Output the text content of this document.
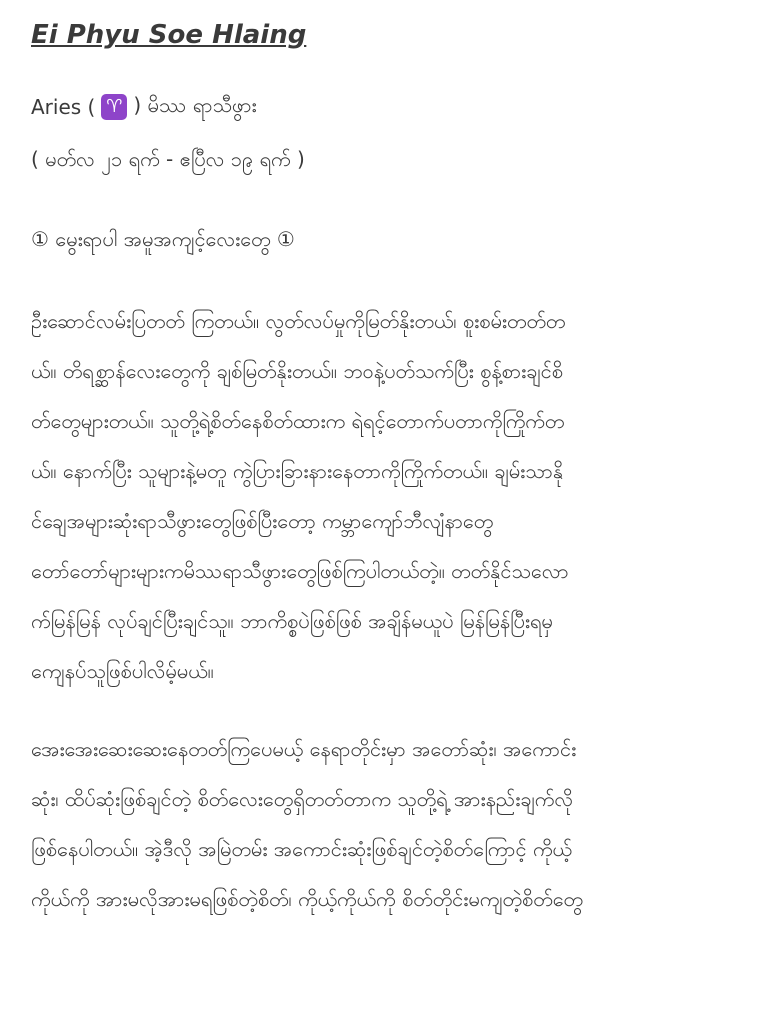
Ei Phyu Soe Hlaing
Aries ( ♈ ) မိဿ ရာသီဖွား
( မတ်လ ၂၁ ရက် - ဧပြီလ ၁၉ ရက် )
① မွေးရာပါ အမူအကျင့်လေးတွေ ①
ဦးဆောင်လမ်းပြတတ် ကြတယ်။ လွတ်လပ်မှုကိုမြတ်နိုးတယ်၊ စူးစမ်းတတ်တ
ယ်။ တိရစ္ဆာန်လေးတွေကို ချစ်မြတ်နိုးတယ်။ ဘဝနဲ့ပတ်သက်ပြီး စွန့်စားချင်စိ
တ်တွေများတယ်။ သူတို့ရဲ့စိတ်နေစိတ်ထားက ရဲရင့်တောက်ပတာကိုကြိုက်တ
ယ်။ နောက်ပြီး သူများနဲ့မတူ ကွဲပြားခြားနားနေတာကိုကြိုက်တယ်။ ချမ်းသာနို
င်ချေအများဆုံးရာသီဖွားတွေဖြစ်ပြီးတော့ ကမ္ဘာကျော်ဘီလျံနာတွေ
တော်တော်များများကမိဿရာသီဖွားတွေဖြစ်ကြပါတယ်တဲ့။ တတ်နိုင်သလော
က်မြန်မြန် လုပ်ချင်ပြီးချင်သူ။ ဘာကိစ္စပဲဖြစ်ဖြစ် အချိန်မယူပဲ မြန်မြန်ပြီးရမှ
ကျေနပ်သူဖြစ်ပါလိမ့်မယ်။
အေးအေးဆေးဆေးနေတတ်ကြပေမယ့် နေရာတိုင်းမှာ အတော်ဆုံး၊ အကောင်း
ဆုံး၊ ထိပ်ဆုံးဖြစ်ချင်တဲ့ စိတ်လေးတွေရှိတတ်တာက သူတို့ရဲ့ အားနည်းချက်လို
ဖြစ်နေပါတယ်။ အဲ့ဒီလို အမြဲတမ်း အကောင်းဆုံးဖြစ်ချင်တဲ့စိတ်ကြောင့် ကိုယ့်
ကိုယ်ကို အားမလိုအားမရဖြစ်တဲ့စိတ်၊ ကိုယ့်ကိုယ်ကို စိတ်တိုင်းမကျတဲ့စိတ်တွေ
